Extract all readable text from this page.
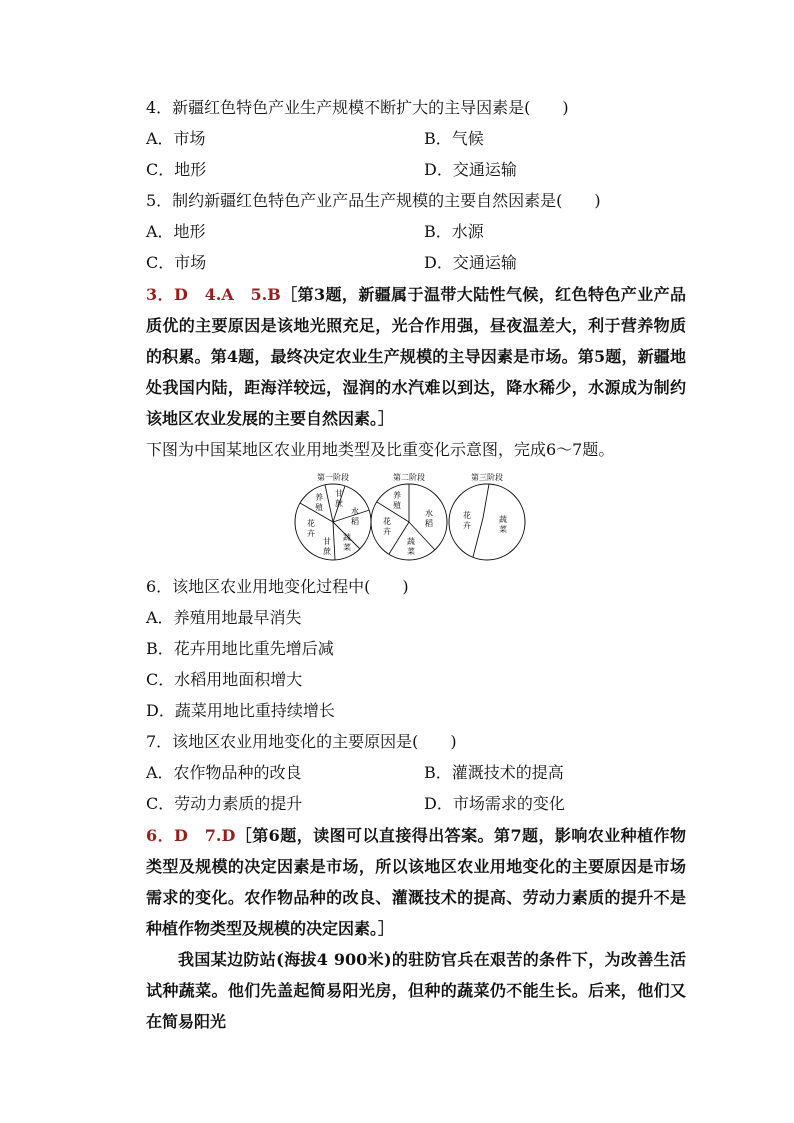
4．新疆红色特色产业生产规模不断扩大的主导因素是(　　)
A．市场	B．气候
C．地形	D．交通运输
5．制约新疆红色特色产业产品生产规模的主要自然因素是(　　)
A．地形	B．水源
C．市场	D．交通运输
3．D　4.A　5.B［第3题，新疆属于温带大陆性气候，红色特色产业产品质优的主要原因是该地光照充足，光合作用强，昼夜温差大，利于营养物质的积累。第4题，最终决定农业生产规模的主导因素是市场。第5题，新疆地处我国内陆，距海洋较远，湿润的水汽难以到达，降水稀少，水源成为制约该地区农业发展的主要自然因素。］
下图为中国某地区农业用地类型及比重变化示意图，完成6～7题。
第一阶段
养殖
甘蔗
水稻
蔬菜
甘蔗
花卉
第二阶段
养殖
水稻
蔬菜
花卉
第三阶段
花卉
蔬菜
6．该地区农业用地变化过程中(　　)
A．养殖用地最早消失
B．花卉用地比重先增后减
C．水稻用地面积增大
D．蔬菜用地比重持续增长
7．该地区农业用地变化的主要原因是(　　)
A．农作物品种的改良	B．灌溉技术的提高
C．劳动力素质的提升	D．市场需求的变化
6．D　7.D［第6题，读图可以直接得出答案。第7题，影响农业种植作物类型及规模的决定因素是市场，所以该地区农业用地变化的主要原因是市场需求的变化。农作物品种的改良、灌溉技术的提高、劳动力素质的提升不是种植作物类型及规模的决定因素。］
我国某边防站(海拔4 900米)的驻防官兵在艰苦的条件下，为改善生活试种蔬菜。他们先盖起简易阳光房，但种的蔬菜仍不能生长。后来，他们又在简易阳光
